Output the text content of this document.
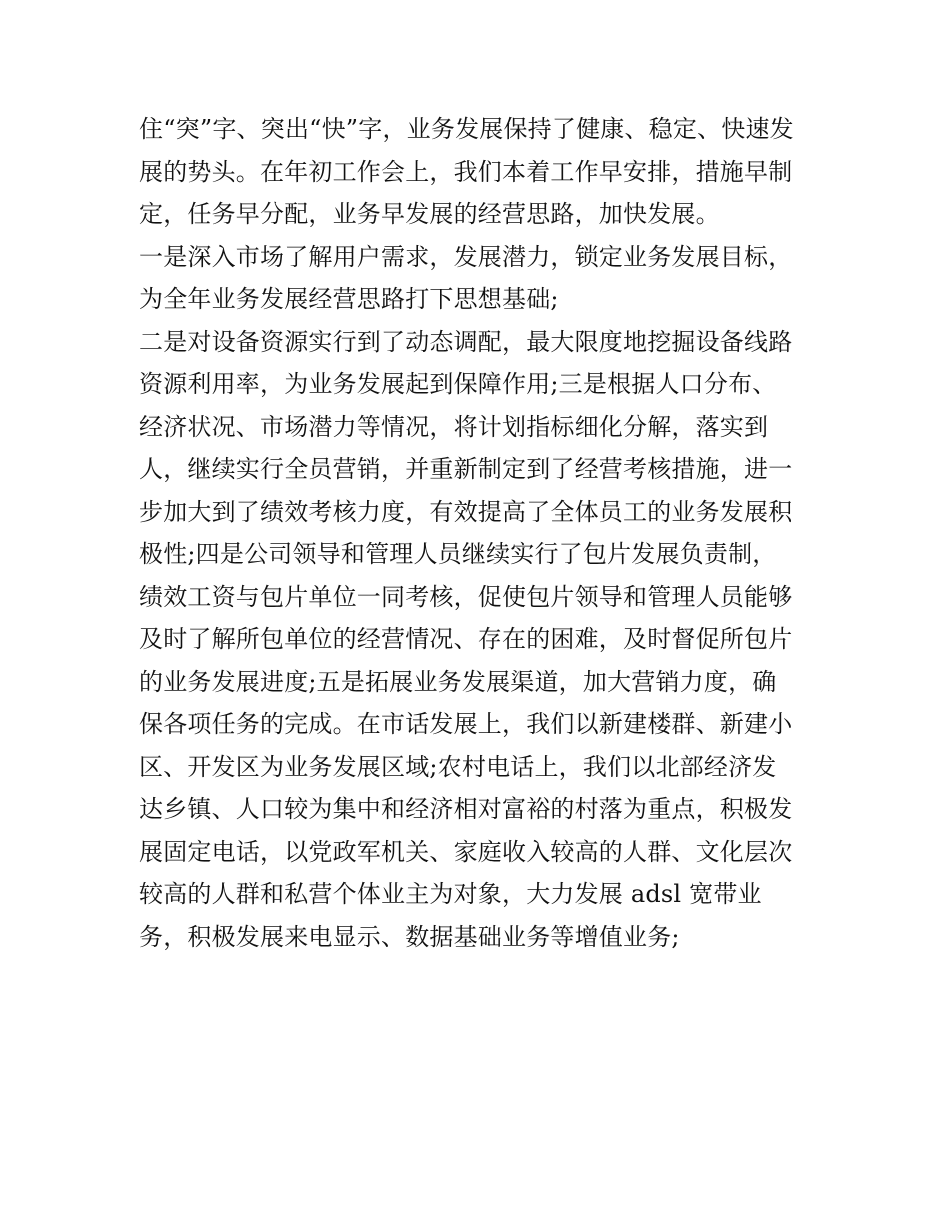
住“突”字、突出“快”字，业务发展保持了健康、稳定、快速发
展的势头。在年初工作会上，我们本着工作早安排，措施早制
定，任务早分配，业务早发展的经营思路，加快发展。
一是深入市场了解用户需求，发展潜力，锁定业务发展目标，
为全年业务发展经营思路打下思想基础;
二是对设备资源实行到了动态调配，最大限度地挖掘设备线路
资源利用率，为业务发展起到保障作用;三是根据人口分布、
经济状况、市场潜力等情况，将计划指标细化分解，落实到
人，继续实行全员营销，并重新制定到了经营考核措施，进一
步加大到了绩效考核力度，有效提高了全体员工的业务发展积
极性;四是公司领导和管理人员继续实行了包片发展负责制，
绩效工资与包片单位一同考核，促使包片领导和管理人员能够
及时了解所包单位的经营情况、存在的困难，及时督促所包片
的业务发展进度;五是拓展业务发展渠道，加大营销力度，确
保各项任务的完成。在市话发展上，我们以新建楼群、新建小
区、开发区为业务发展区域;农村电话上，我们以北部经济发
达乡镇、人口较为集中和经济相对富裕的村落为重点，积极发
展固定电话，以党政军机关、家庭收入较高的人群、文化层次
较高的人群和私营个体业主为对象，大力发展 adsl 宽带业
务，积极发展来电显示、数据基础业务等增值业务;
